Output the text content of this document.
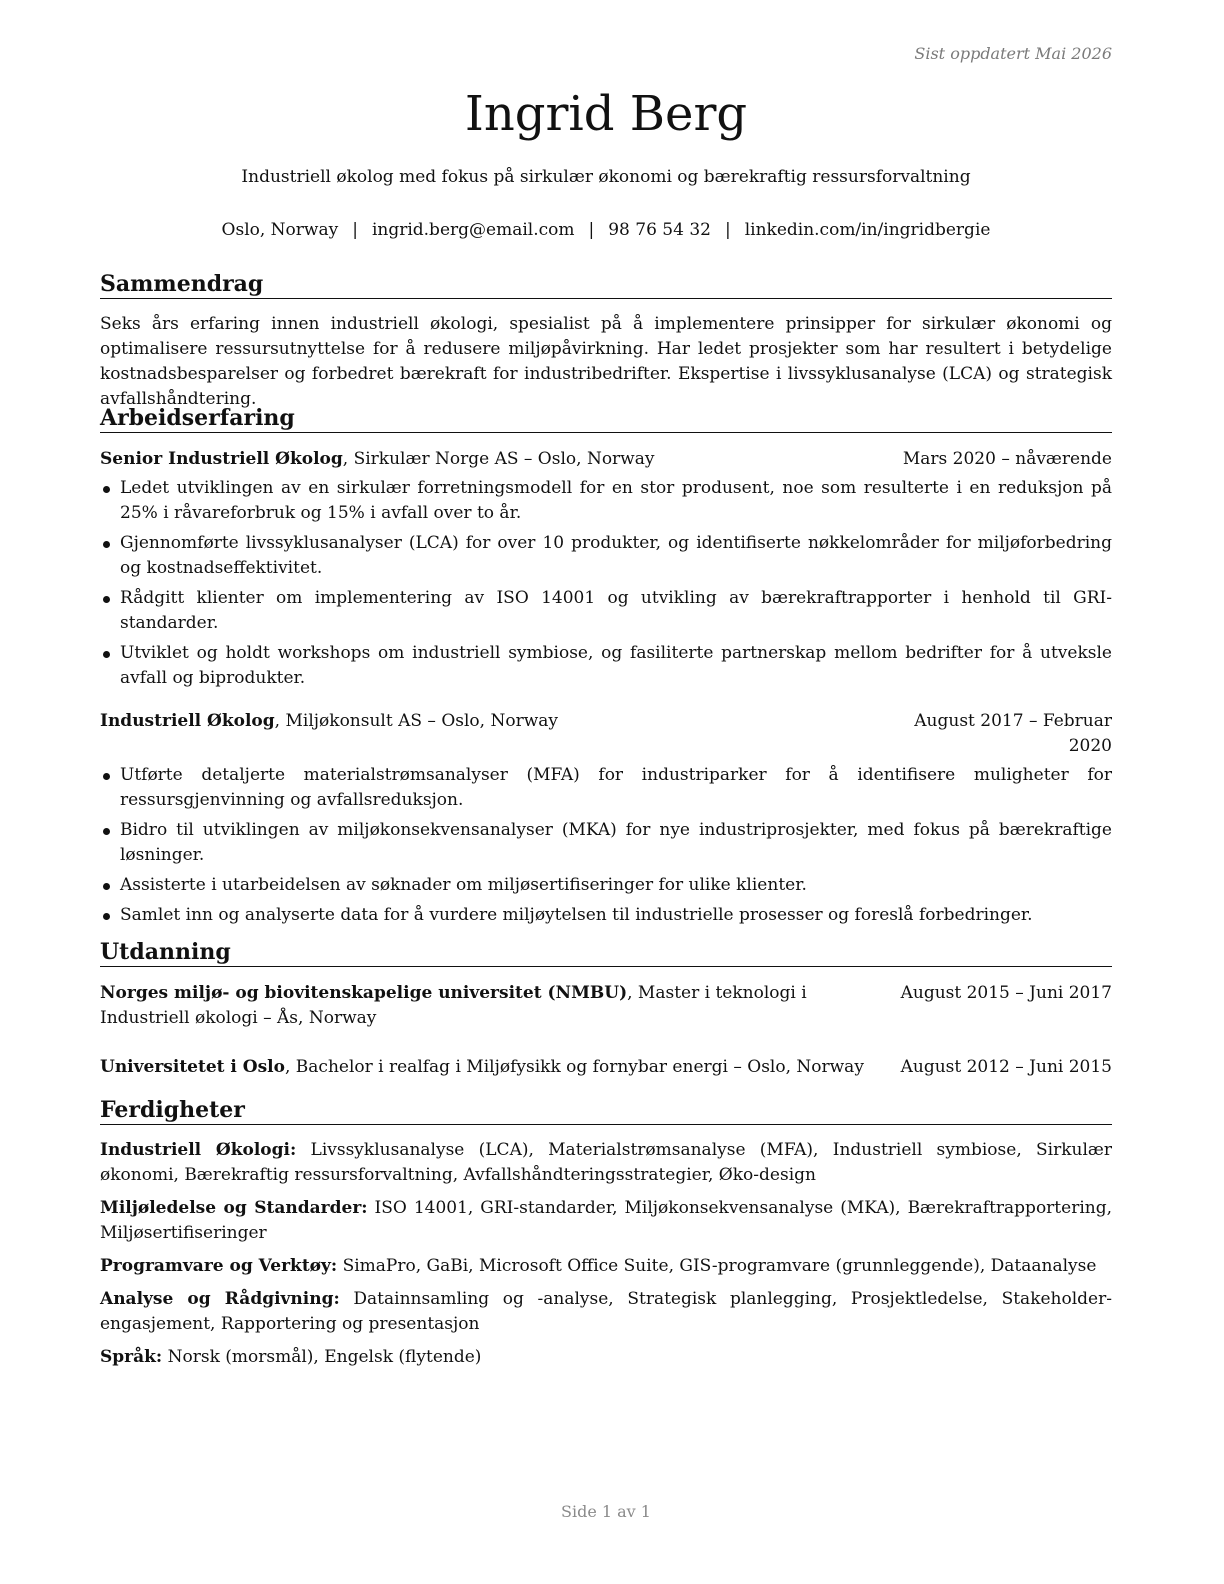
Sist oppdatert Mai 2026
Ingrid Berg
Industriell økolog med fokus på sirkulær økonomi og bærekraftig ressursforvaltning
Oslo, Norway | ingrid.berg@email.com | 98 76 54 32 | linkedin.com/in/ingridbergie
Sammendrag

Seks års erfaring innen industriell økologi, spesialist på å implementere prinsipper for sirkulær økonomi og optimalisere ressursutnyttelse for å redusere miljøpåvirkning. Har ledet prosjekter som har resultert i betydelige kostnadsbesparelser og forbedret bærekraft for industribedrifter. Ekspertise i livssyklusanalyse (LCA) og strategisk avfallshåndtering.

Arbeidserfaring
Senior Industriell Økolog, Sirkulær Norge AS – Oslo, Norway	Mars 2020 – nåværende
Ledet utviklingen av en sirkulær forretningsmodell for en stor produsent, noe som resulterte i en reduksjon på 25% i råvareforbruk og 15% i avfall over to år.
Gjennomførte livssyklusanalyser (LCA) for over 10 produkter, og identifiserte nøkkelområder for miljøforbedring og kostnadseffektivitet.
Rådgitt klienter om implementering av ISO 14001 og utvikling av bærekraftrapporter i henhold til GRI-standarder.
Utviklet og holdt workshops om industriell symbiose, og fasiliterte partnerskap mellom bedrifter for å utveksle avfall og biprodukter.
Industriell Økolog, Miljøkonsult AS – Oslo, Norway	August 2017 – Februar 2020
Utførte detaljerte materialstrømsanalyser (MFA) for industriparker for å identifisere muligheter for ressursgjenvinning og avfallsreduksjon.
Bidro til utviklingen av miljøkonsekvensanalyser (MKA) for nye industriprosjekter, med fokus på bærekraftige løsninger.
Assisterte i utarbeidelsen av søknader om miljøsertifiseringer for ulike klienter.
Samlet inn og analyserte data for å vurdere miljøytelsen til industrielle prosesser og foreslå forbedringer.
Utdanning
Norges miljø- og biovitenskapelige universitet (NMBU), Master i teknologi i Industriell økologi – Ås, Norway
August 2015 – Juni 2017
Universitetet i Oslo, Bachelor i realfag i Miljøfysikk og fornybar energi – Oslo, Norway August 2012 – Juni 2015
Ferdigheter

Industriell Økologi: Livssyklusanalyse (LCA), Materialstrømsanalyse (MFA), Industriell symbiose, Sirkulær økonomi, Bærekraftig ressursforvaltning, Avfallshåndteringsstrategier, Øko-design

Miljøledelse og Standarder: ISO 14001, GRI-standarder, Miljøkonsekvensanalyse (MKA), Bærekraftrapportering, Miljøsertifiseringer

Programvare og Verktøy: SimaPro, GaBi, Microsoft Office Suite, GIS-programvare (grunnleggende), Dataanalyse

Analyse og Rådgivning: Datainnsamling og -analyse, Strategisk planlegging, Prosjektledelse, Stakeholder-engasjement, Rapportering og presentasjon

Språk: Norsk (morsmål), Engelsk (flytende)

Side 1 av 1
